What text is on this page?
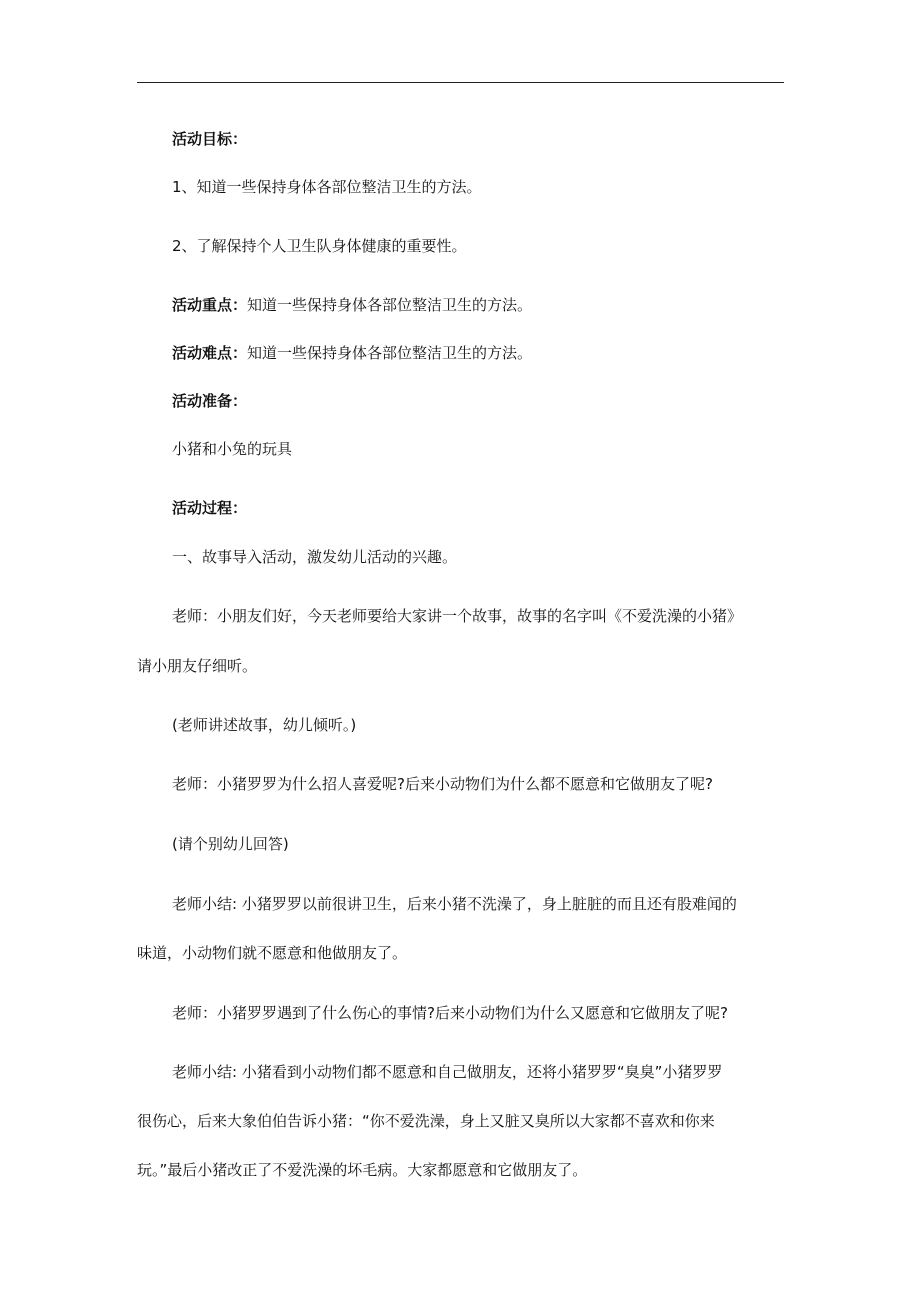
活动目标：
1、知道一些保持身体各部位整洁卫生的方法。
2、了解保持个人卫生队身体健康的重要性。
活动重点：知道一些保持身体各部位整洁卫生的方法。
活动难点：知道一些保持身体各部位整洁卫生的方法。
活动准备：
小猪和小兔的玩具
活动过程：
一、故事导入活动，激发幼儿活动的兴趣。
老师：小朋友们好，今天老师要给大家讲一个故事，故事的名字叫《不爱洗澡的小猪》
请小朋友仔细听。
(老师讲述故事，幼儿倾听。)
老师：小猪罗罗为什么招人喜爱呢?后来小动物们为什么都不愿意和它做朋友了呢?
(请个别幼儿回答)
老师小结: 小猪罗罗以前很讲卫生，后来小猪不洗澡了，身上脏脏的而且还有股难闻的
味道，小动物们就不愿意和他做朋友了。
老师：小猪罗罗遇到了什么伤心的事情?后来小动物们为什么又愿意和它做朋友了呢?
老师小结: 小猪看到小动物们都不愿意和自己做朋友，还将小猪罗罗“臭臭”小猪罗罗
很伤心，后来大象伯伯告诉小猪：“你不爱洗澡，身上又脏又臭所以大家都不喜欢和你来
玩。”最后小猪改正了不爱洗澡的坏毛病。大家都愿意和它做朋友了。
